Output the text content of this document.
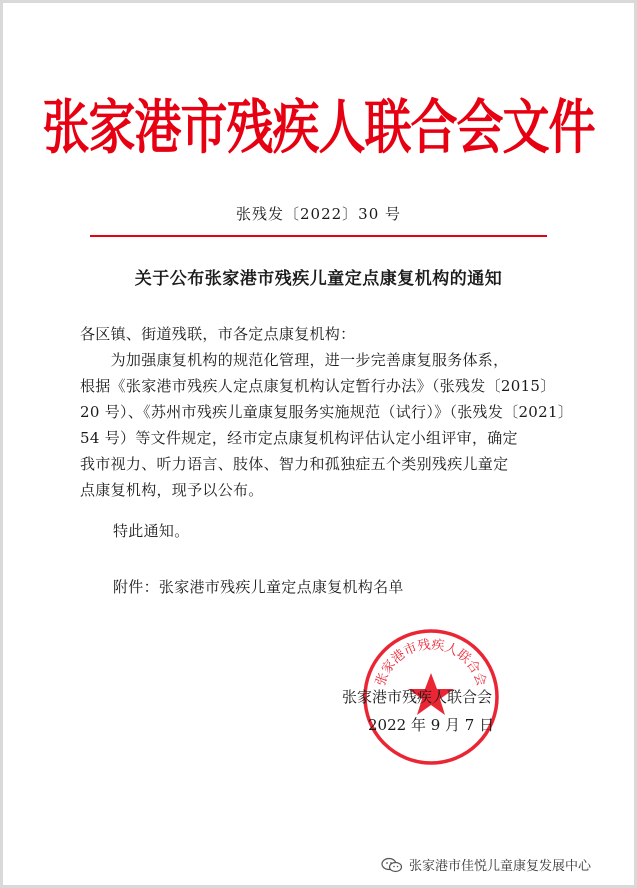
张家港市残疾人联合会文件
张残发〔2022〕30 号
关于公布张家港市残疾儿童定点康复机构的通知
各区镇、街道残联，市各定点康复机构：
　　为加强康复机构的规范化管理，进一步完善康复服务体系，
根据《张家港市残疾人定点康复机构认定暂行办法》（张残发〔2015〕
20 号）、《苏州市残疾儿童康复服务实施规范（试行）》（张残发〔2021〕
54 号）等文件规定，经市定点康复机构评估认定小组评审，确定
我市视力、听力语言、肢体、智力和孤独症五个类别残疾儿童定
点康复机构，现予以公布。
特此通知。
附件：张家港市残疾儿童定点康复机构名单
张家港市残疾人联合会
张家港市残疾人联合会
2022 年 9 月 7 日
张家港市佳悦儿童康复发展中心
